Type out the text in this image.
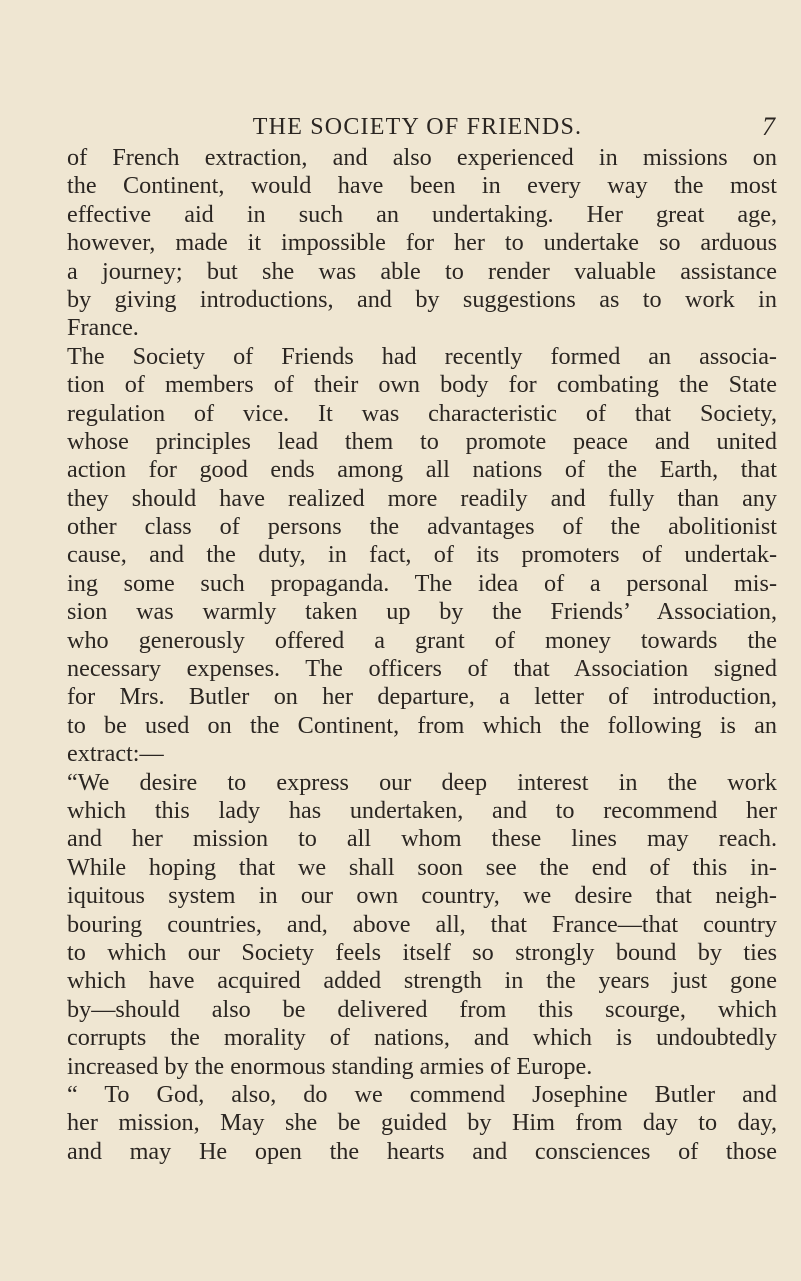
THE SOCIETY OF FRIENDS.	7
of French extraction, and also experienced in missions on
the Continent, would have been in every way the most
effective aid in such an undertaking. Her great age,
however, made it impossible for her to undertake so arduous
a journey; but she was able to render valuable assistance
by giving introductions, and by suggestions as to work in
France.
The Society of Friends had recently formed an associa-
tion of members of their own body for combating the State
regulation of vice. It was characteristic of that Society,
whose principles lead them to promote peace and united
action for good ends among all nations of the Earth, that
they should have realized more readily and fully than any
other class of persons the advantages of the abolitionist
cause, and the duty, in fact, of its promoters of undertak-
ing some such propaganda. The idea of a personal mis-
sion was warmly taken up by the Friends’ Association,
who generously offered a grant of money towards the
necessary expenses. The officers of that Association signed
for Mrs. Butler on her departure, a letter of introduction,
to be used on the Continent, from which the following is an
extract:—
“We desire to express our deep interest in the work
which this lady has undertaken, and to recommend her
and her mission to all whom these lines may reach.
While hoping that we shall soon see the end of this in-
iquitous system in our own country, we desire that neigh-
bouring countries, and, above all, that France—that country
to which our Society feels itself so strongly bound by ties
which have acquired added strength in the years just gone
by—should also be delivered from this scourge, which
corrupts the morality of nations, and which is undoubtedly
increased by the enormous standing armies of Europe.
“ To God, also, do we commend Josephine Butler and
her mission, May she be guided by Him from day to day,
and may He open the hearts and consciences of those
